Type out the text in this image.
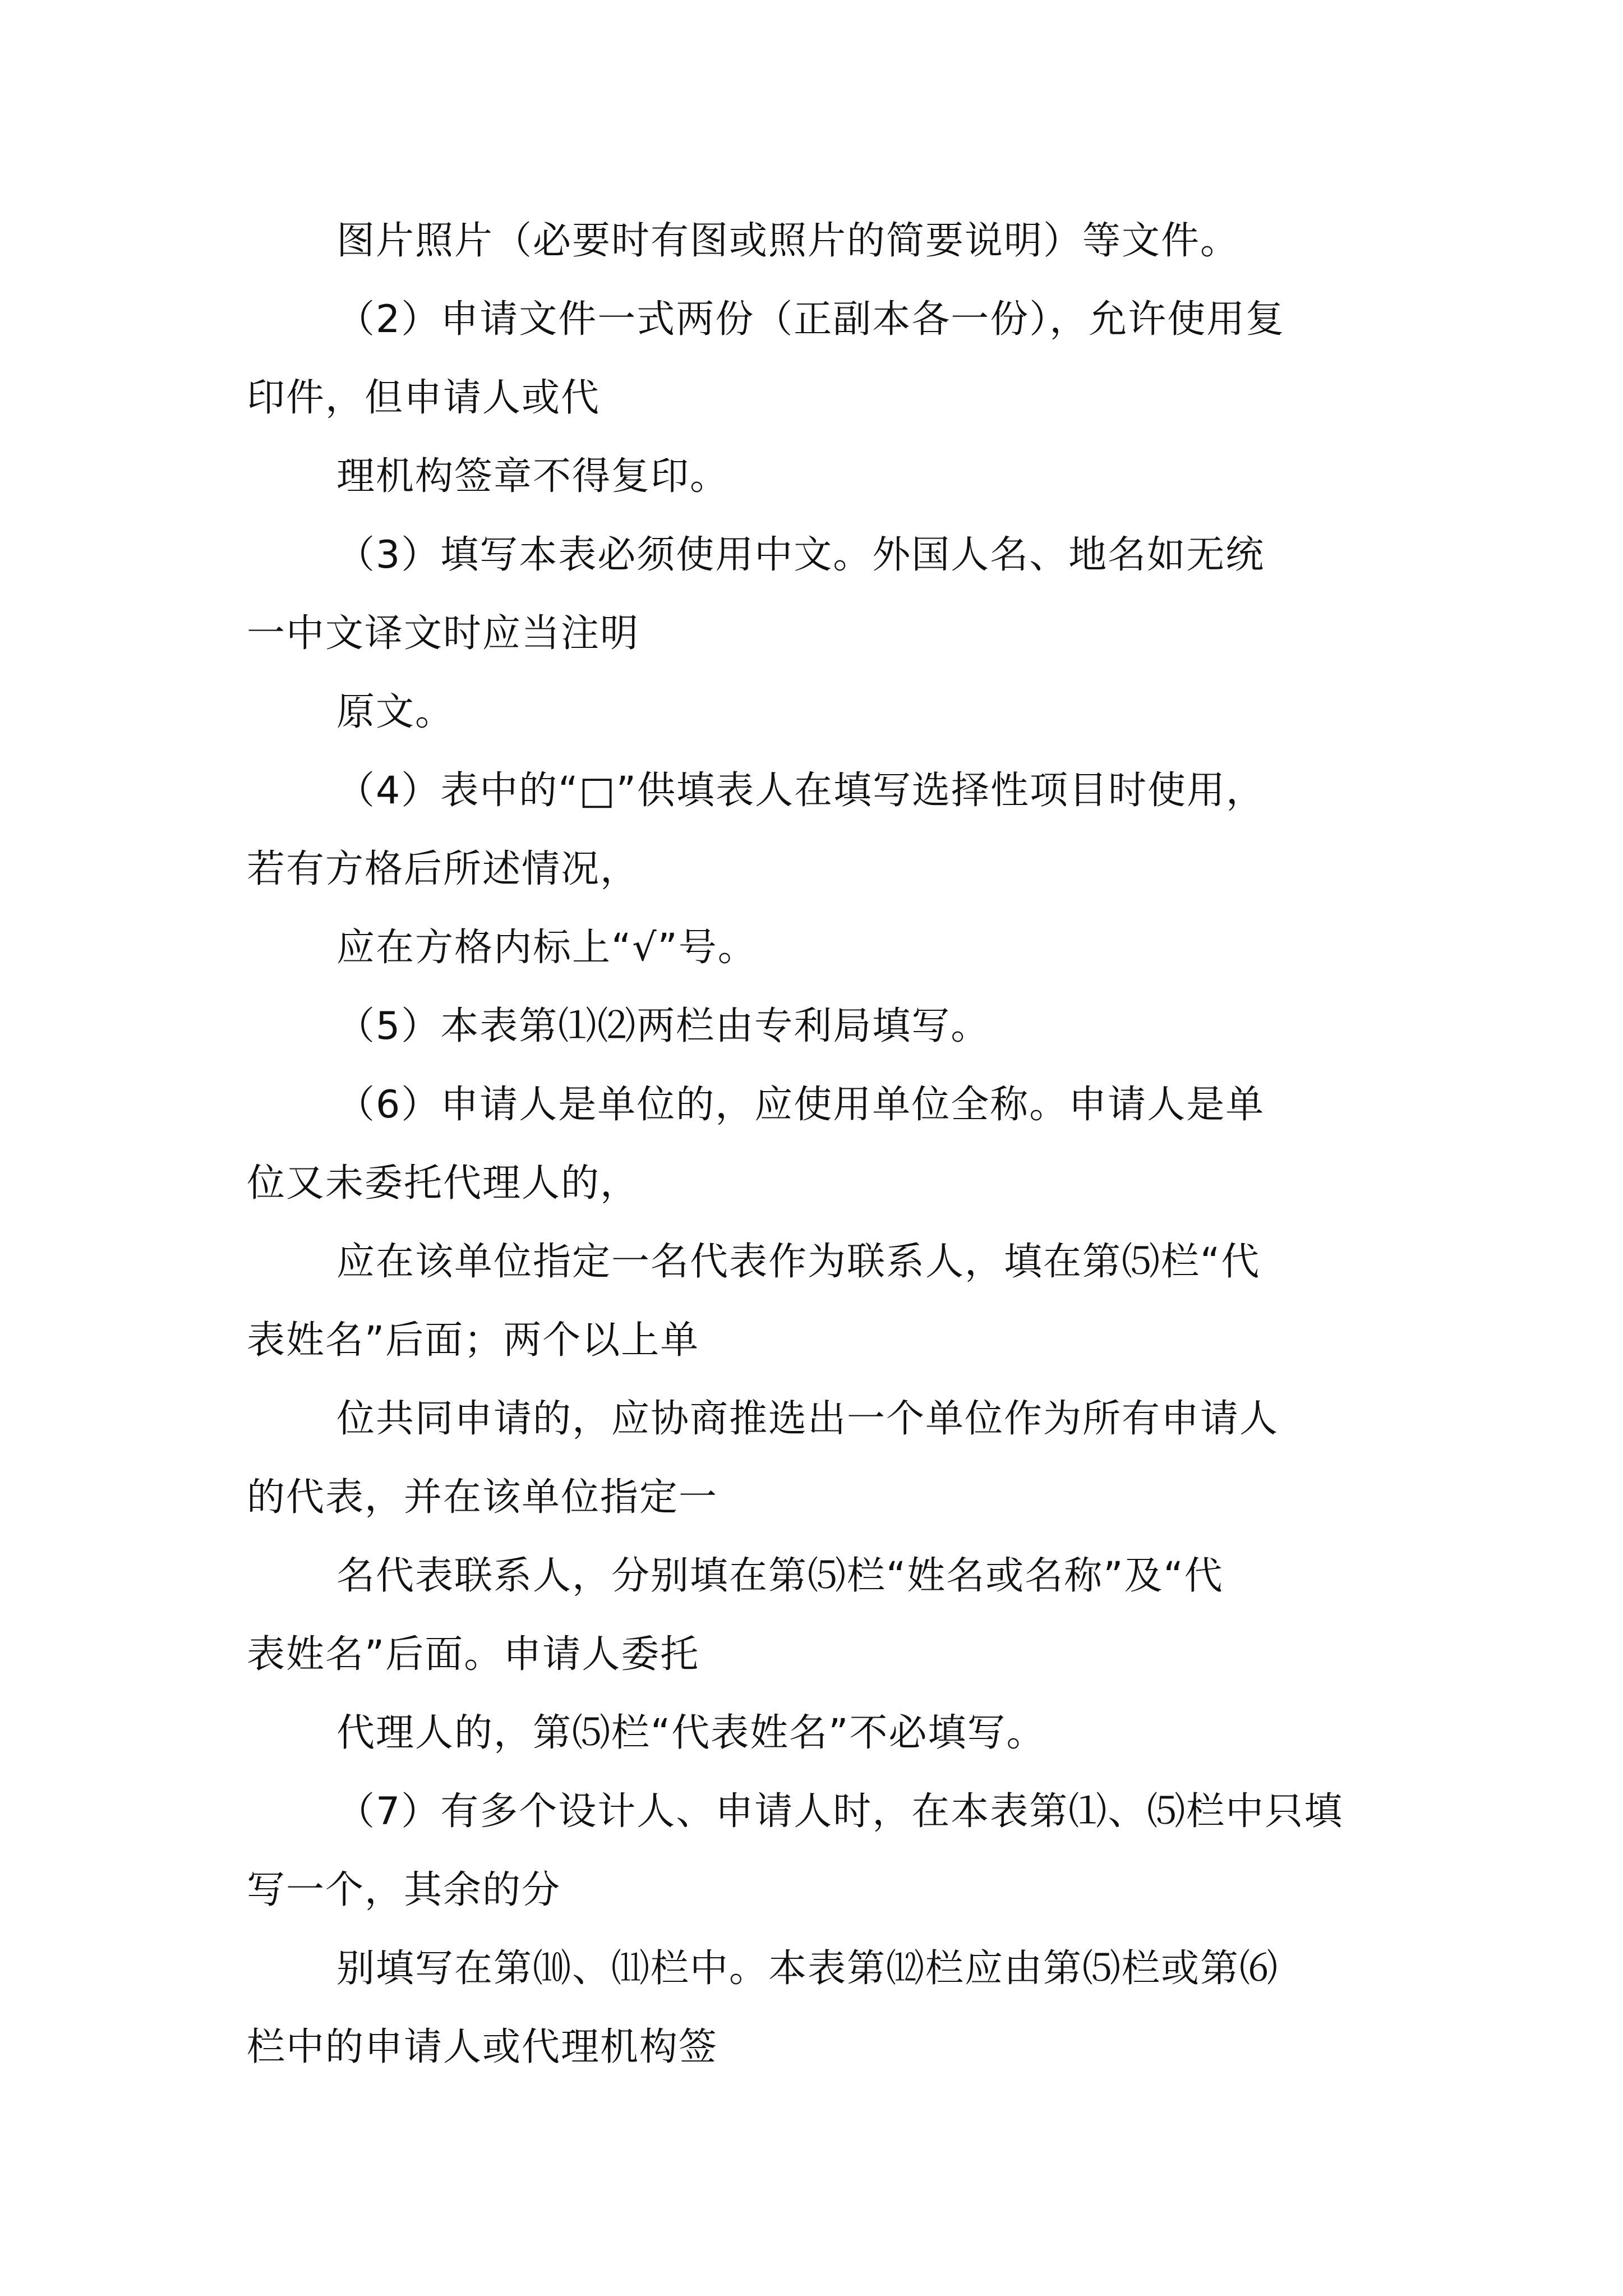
图片照片（必要时有图或照片的简要说明）等文件。
（2）申请文件一式两份（正副本各一份），允许使用复
印件，但申请人或代
理机构签章不得复印。
（3）填写本表必须使用中文。外国人名、地名如无统
一中文译文时应当注明
原文。
（4）表中的“□”供填表人在填写选择性项目时使用，
若有方格后所述情况，
应在方格内标上“√”号。
（5）本表第⑴⑵两栏由专利局填写。
（6）申请人是单位的，应使用单位全称。申请人是单
位又未委托代理人的，
应在该单位指定一名代表作为联系人，填在第⑸栏“代
表姓名”后面；两个以上单
位共同申请的，应协商推选出一个单位作为所有申请人
的代表，并在该单位指定一
名代表联系人，分别填在第⑸栏“姓名或名称”及“代
表姓名”后面。申请人委托
代理人的，第⑸栏“代表姓名”不必填写。
（7）有多个设计人、申请人时，在本表第⑴、⑸栏中只填
写一个，其余的分
别填写在第⑽、⑾栏中。本表第⑿栏应由第⑸栏或第⑹
栏中的申请人或代理机构签
